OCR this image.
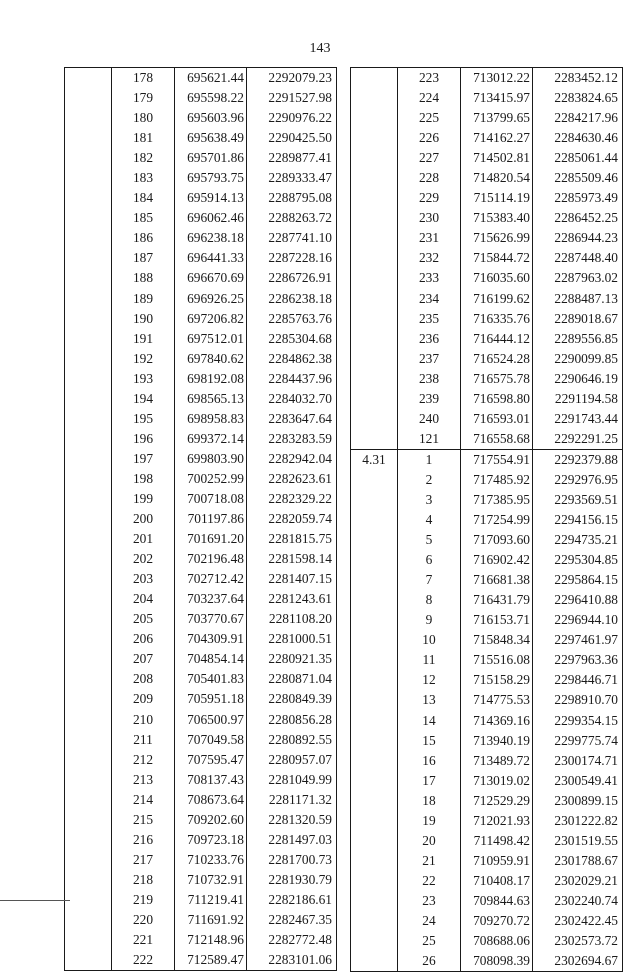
143
	178	695621.44	2292079.23
	179	695598.22	2291527.98
	180	695603.96	2290976.22
	181	695638.49	2290425.50
	182	695701.86	2289877.41
	183	695793.75	2289333.47
	184	695914.13	2288795.08
	185	696062.46	2288263.72
	186	696238.18	2287741.10
	187	696441.33	2287228.16
	188	696670.69	2286726.91
	189	696926.25	2286238.18
	190	697206.82	2285763.76
	191	697512.01	2285304.68
	192	697840.62	2284862.38
	193	698192.08	2284437.96
	194	698565.13	2284032.70
	195	698958.83	2283647.64
	196	699372.14	2283283.59
	197	699803.90	2282942.04
	198	700252.99	2282623.61
	199	700718.08	2282329.22
	200	701197.86	2282059.74
	201	701691.20	2281815.75
	202	702196.48	2281598.14
	203	702712.42	2281407.15
	204	703237.64	2281243.61
	205	703770.67	2281108.20
	206	704309.91	2281000.51
	207	704854.14	2280921.35
	208	705401.83	2280871.04
	209	705951.18	2280849.39
	210	706500.97	2280856.28
	211	707049.58	2280892.55
	212	707595.47	2280957.07
	213	708137.43	2281049.99
	214	708673.64	2281171.32
	215	709202.60	2281320.59
	216	709723.18	2281497.03
	217	710233.76	2281700.73
	218	710732.91	2281930.79
	219	711219.41	2282186.61
	220	711691.92	2282467.35
	221	712148.96	2282772.48
	222	712589.47	2283101.06
	223	713012.22	2283452.12
	224	713415.97	2283824.65
	225	713799.65	2284217.96
	226	714162.27	2284630.46
	227	714502.81	2285061.44
	228	714820.54	2285509.46
	229	715114.19	2285973.49
	230	715383.40	2286452.25
	231	715626.99	2286944.23
	232	715844.72	2287448.40
	233	716035.60	2287963.02
	234	716199.62	2288487.13
	235	716335.76	2289018.67
	236	716444.12	2289556.85
	237	716524.28	2290099.85
	238	716575.78	2290646.19
	239	716598.80	2291194.58
	240	716593.01	2291743.44
	121	716558.68	2292291.25
4.31	1	717554.91	2292379.88
	2	717485.92	2292976.95
	3	717385.95	2293569.51
	4	717254.99	2294156.15
	5	717093.60	2294735.21
	6	716902.42	2295304.85
	7	716681.38	2295864.15
	8	716431.79	2296410.88
	9	716153.71	2296944.10
	10	715848.34	2297461.97
	11	715516.08	2297963.36
	12	715158.29	2298446.71
	13	714775.53	2298910.70
	14	714369.16	2299354.15
	15	713940.19	2299775.74
	16	713489.72	2300174.71
	17	713019.02	2300549.41
	18	712529.29	2300899.15
	19	712021.93	2301222.82
	20	711498.42	2301519.55
	21	710959.91	2301788.67
	22	710408.17	2302029.21
	23	709844.63	2302240.74
	24	709270.72	2302422.45
	25	708688.06	2302573.72
	26	708098.39	2302694.67
